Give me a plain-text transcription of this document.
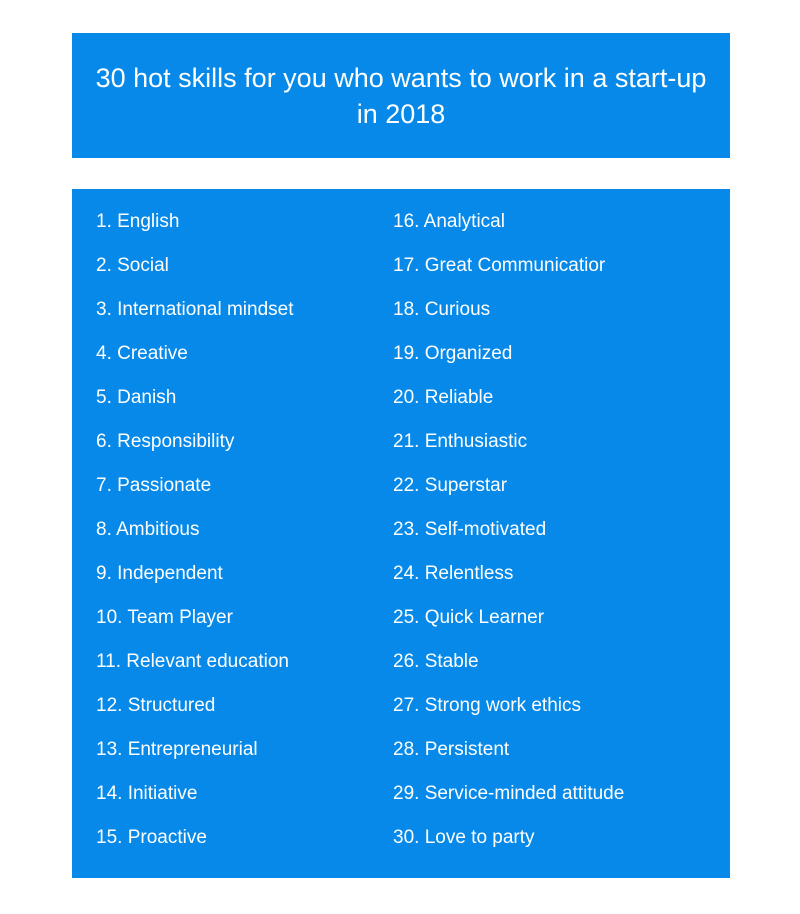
30 hot skills for you who wants to work in a start-up in 2018
1. English
2. Social
3. International mindset
4. Creative
5. Danish
6. Responsibility
7. Passionate
8. Ambitious
9. Independent
10. Team Player
11. Relevant education
12. Structured
13. Entrepreneurial
14. Initiative
15. Proactive
16. Analytical
17. Great Communicatior
18. Curious
19. Organized
20. Reliable
21. Enthusiastic
22. Superstar
23. Self-motivated
24. Relentless
25. Quick Learner
26. Stable
27. Strong work ethics
28. Persistent
29. Service-minded attitude
30. Love to party
